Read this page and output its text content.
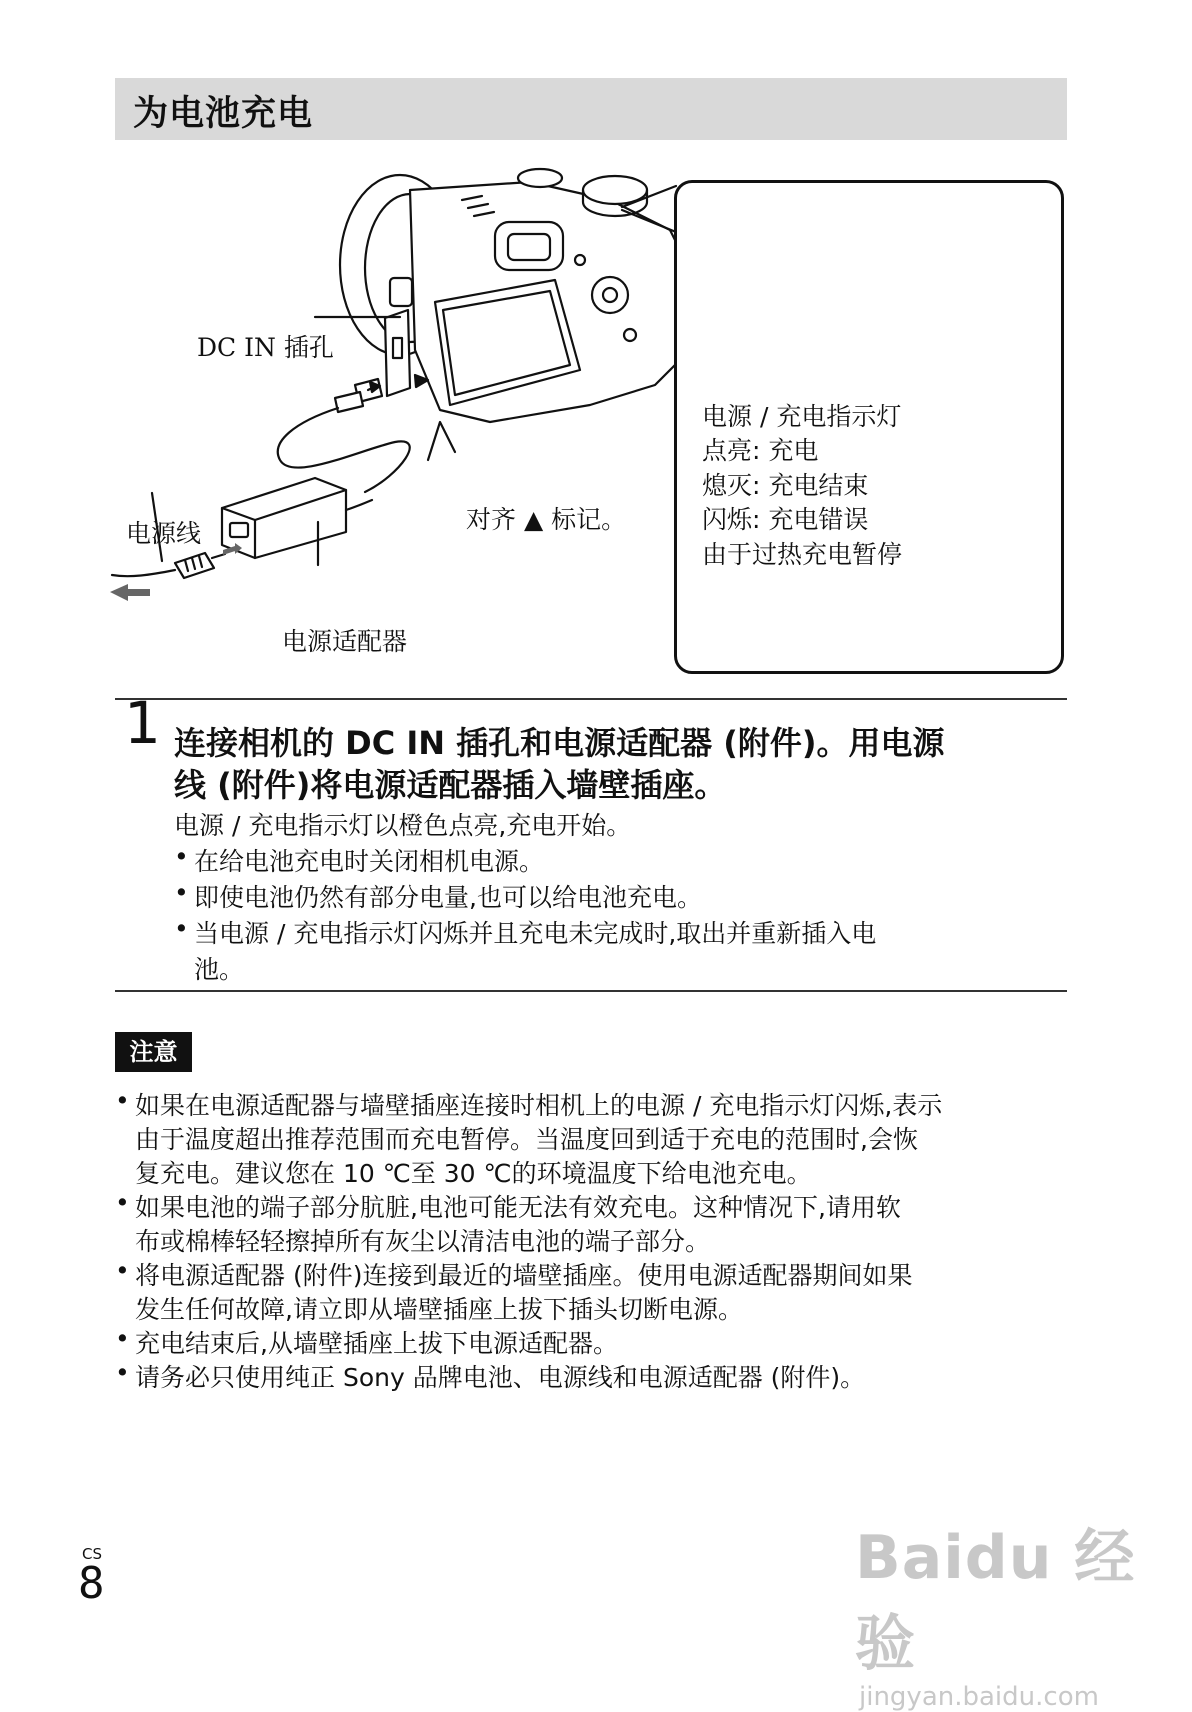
为电池充电
电源 / 充电指示灯
点亮: 充电
熄灭: 充电结束
闪烁: 充电错误
由于过热充电暂停
DC IN 插孔
对齐 ▲ 标记。
电源线
电源适配器
1 连接相机的 DC IN 插孔和电源适配器 (附件)。用电源
线 (附件)将电源适配器插入墙壁插座。
电源 / 充电指示灯以橙色点亮,充电开始。
• 在给电池充电时关闭相机电源。
• 即使电池仍然有部分电量,也可以给电池充电。
• 当电源 / 充电指示灯闪烁并且充电未完成时,取出并重新插入电
池。
注意
• 如果在电源适配器与墙壁插座连接时相机上的电源 / 充电指示灯闪烁,表示
由于温度超出推荐范围而充电暂停。当温度回到适于充电的范围时,会恢
复充电。建议您在 10 ℃至 30 ℃的环境温度下给电池充电。
• 如果电池的端子部分肮脏,电池可能无法有效充电。这种情况下,请用软
布或棉棒轻轻擦掉所有灰尘以清洁电池的端子部分。
• 将电源适配器 (附件)连接到最近的墙壁插座。使用电源适配器期间如果
发生任何故障,请立即从墙壁插座上拔下插头切断电源。
• 充电结束后,从墙壁插座上拔下电源适配器。
• 请务必只使用纯正 Sony 品牌电池、电源线和电源适配器 (附件)。
CS
8	Baidu 经验
jingyan.baidu.com
